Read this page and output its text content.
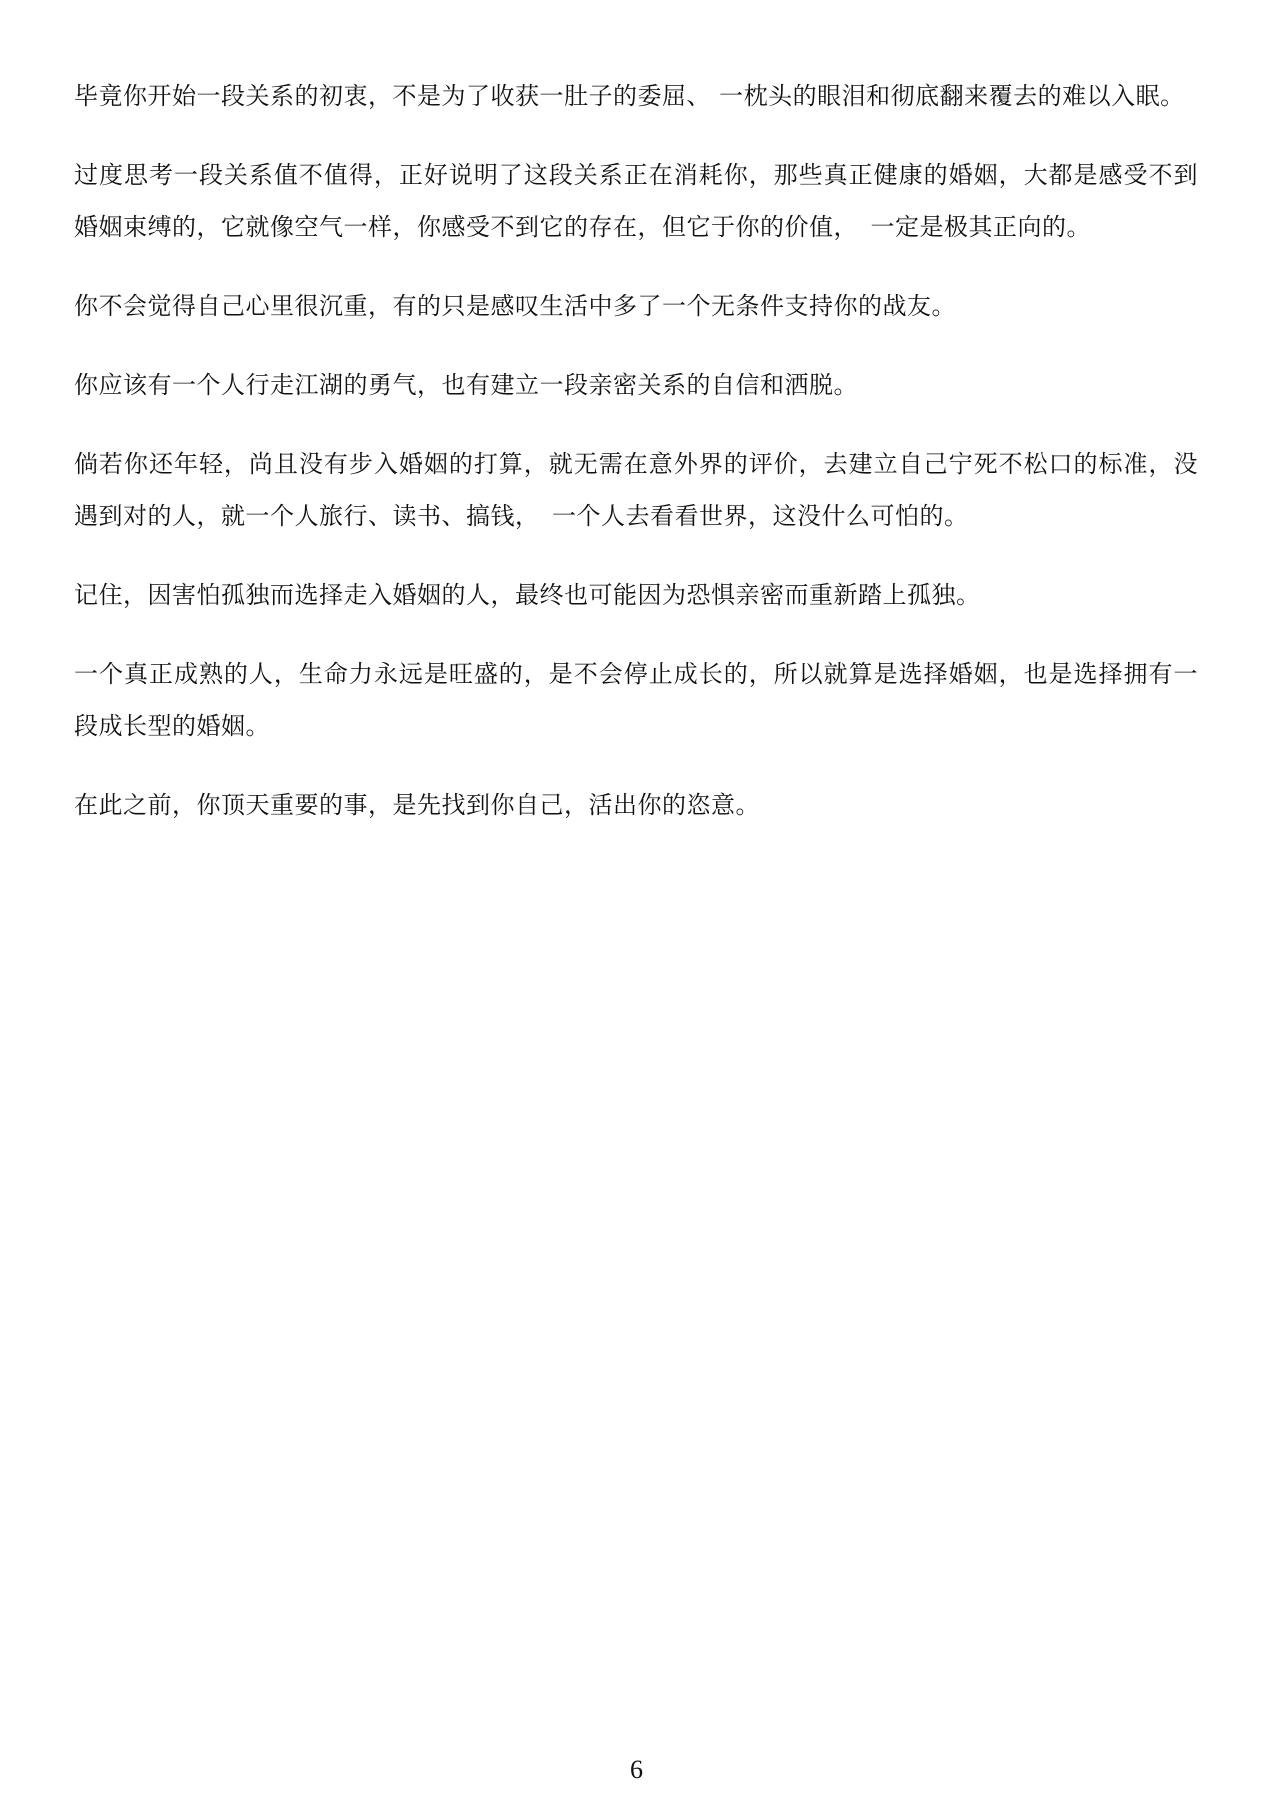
毕竟你开始一段关系的初衷，不是为了收获一肚子的委屈、 一枕头的眼泪和彻底翻来覆去的难以入眠。

过度思考一段关系值不值得，正好说明了这段关系正在消耗你，那些真正健康的婚姻，大都是感受不到婚姻束缚的，它就像空气一样，你感受不到它的存在，但它于你的价值，　一定是极其正向的。

你不会觉得自己心里很沉重，有的只是感叹生活中多了一个无条件支持你的战友。

你应该有一个人行走江湖的勇气，也有建立一段亲密关系的自信和洒脱。

倘若你还年轻，尚且没有步入婚姻的打算，就无需在意外界的评价，去建立自己宁死不松口的标准，没遇到对的人，就一个人旅行、读书、搞钱，　一个人去看看世界，这没什么可怕的。

记住，因害怕孤独而选择走入婚姻的人，最终也可能因为恐惧亲密而重新踏上孤独。

一个真正成熟的人，生命力永远是旺盛的，是不会停止成长的，所以就算是选择婚姻，也是选择拥有一段成长型的婚姻。

在此之前，你顶天重要的事，是先找到你自己，活出你的恣意。

6
